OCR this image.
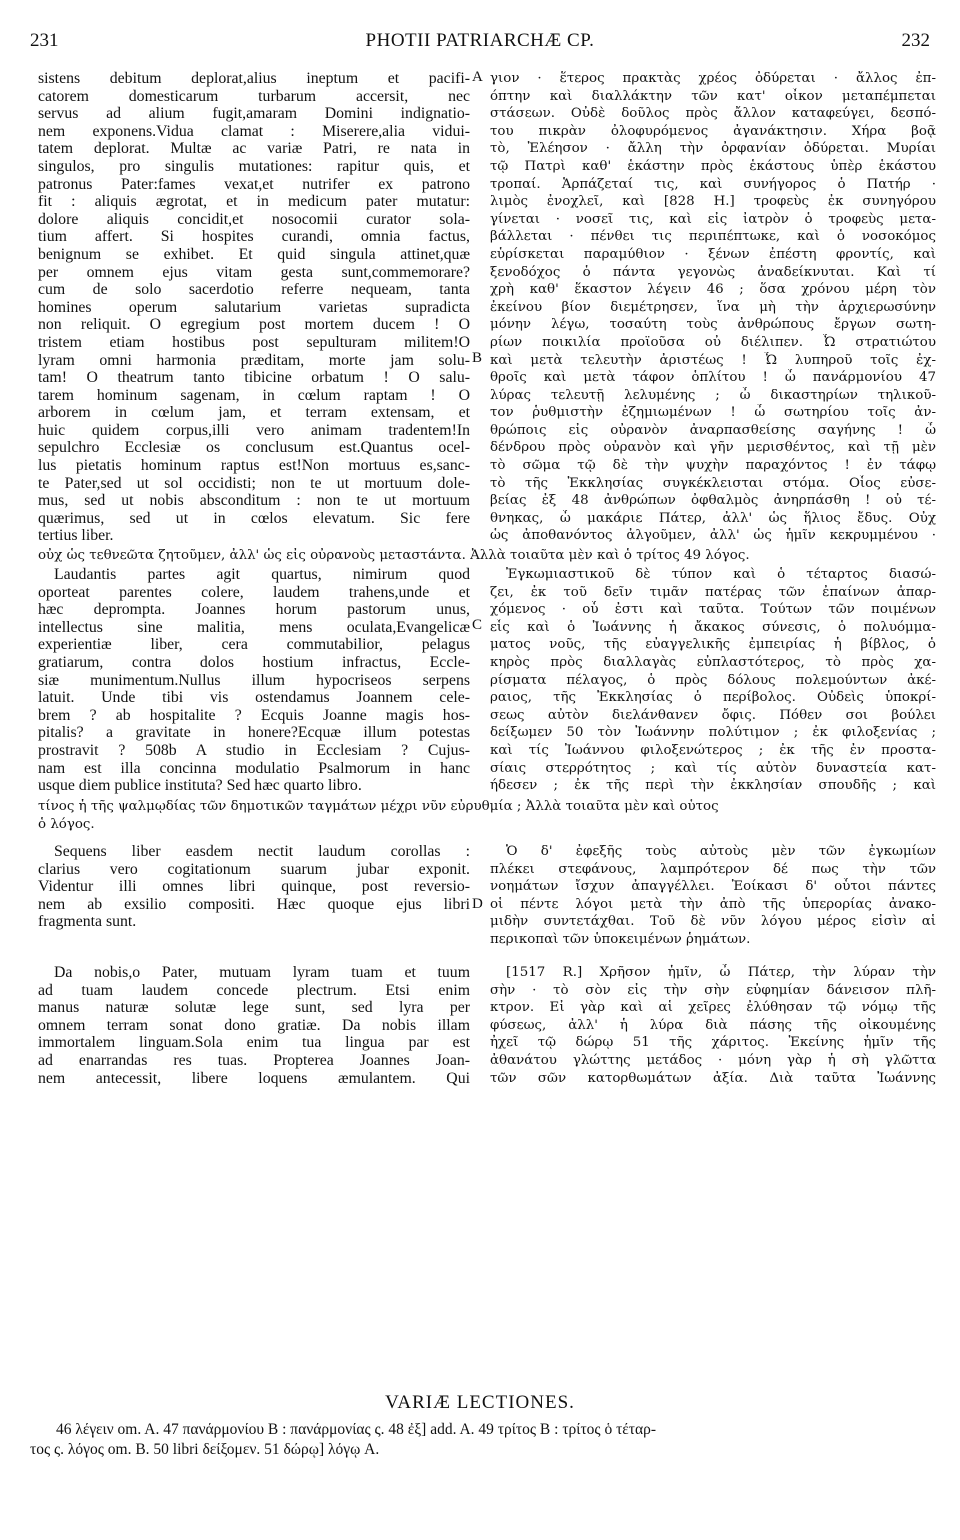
231	PHOTII PATRIARCHÆ CP.	232
sistens debitum deplorat,alius ineptum et pacifi-
catorem domesticarum turbarum accersit, nec
servus ad alium fugit,amaram Domini indignatio-
nem exponens.Vidua clamat : Miserere,alia vidui-
tatem deplorat. Multæ ac variæ Patri, re nata in
singulos, pro singulis mutationes: rapitur quis, et
patronus Pater:fames vexat,et nutrifer ex patrono
fit : aliquis ægrotat, et in medicum pater mutatur:
dolore aliquis concidit,et nosocomii curator sola-
tium affert. Si hospites curandi, omnia factus,
benignum se exhibet. Et quid singula attinet,quæ
per omnem ejus vitam gesta sunt,commemorare?
cum de solo sacerdotio referre nequeam, tanta
homines operum salutarium varietas supradicta
non reliquit. O egregium post mortem ducem ! O
tristem etiam hostibus post sepulturam militem!O
lyram omni harmonia præditam, morte jam solu-
tam! O theatrum tanto tibicine orbatum ! O salu-
tarem hominum sagenam, in cœlum raptam ! O
arborem in cœlum jam, et terram extensam, et
huic quidem corpus,illi vero animam tradentem!In
sepulchro Ecclesiæ os conclusum est.Quantus ocel-
lus pietatis hominum raptus est!Non mortuus es,sanc-
te Pater,sed ut sol occidisti; non te ut mortuum dole-
mus, sed ut nobis absconditum : non te ut mortuum
quærimus, sed ut in cœlos elevatum. Sic fere
tertius liber.
γιον · ἕτερος πρακτὰς χρέος ὀδύρεται · ἄλλος ἐπ-
όπτην καὶ διαλλάκτην τῶν κατ' οἶκον μεταπέμπεται
στάσεων. Οὐδὲ δοῦλος πρὸς ἄλλον καταφεύγει, δεσπό-
του πικρὰν ὀλοφυρόμενος ἀγανάκτησιν. Χήρα βοᾷ
τὸ, Ἐλέησον · ἄλλη τὴν ὀρφανίαν ὀδύρεται. Μυρίαι
τῷ Πατρὶ καθ' ἑκάστην πρὸς ἑκάστους ὑπὲρ ἑκάστου
τροπαί. Ἁρπάζεταί τις, καὶ συνήγορος ὁ Πατήρ ·
λιμὸς ἐνοχλεῖ, καὶ [828 H.] τροφεὺς ἐκ συνηγόρου
γίνεται · νοσεῖ τις, καὶ εἰς ἰατρὸν ὁ τροφεὺς μετα-
βάλλεται · πένθει τις περιπέπτωκε, καὶ ὁ νοσοκόμος
εὑρίσκεται παραμύθιον · ξένων ἐπέστη φροντίς, καὶ
ξενοδόχος ὁ πάντα γεγονὼς ἀναδείκνυται. Καὶ τί
χρὴ καθ' ἕκαστον λέγειν 46 ; ὅσα χρόνου μέρη τὸν
ἐκείνου βίον διεμέτρησεν, ἵνα μὴ τὴν ἀρχιερωσύνην
μόνην λέγω, τοσαύτη τοὺς ἀνθρώπους ἔργων σωτη-
ρίων ποικιλία προϊοῦσα οὐ διέλιπεν. Ὦ στρατιώτου
καὶ μετὰ τελευτὴν ἀριστέως ! Ὦ λυπηροῦ τοῖς ἐχ-
θροῖς καὶ μετὰ τάφον ὁπλίτου ! ὦ πανάρμονίου 47
λύρας τελευτῇ λελυμένης ; ὦ δικαστηρίων τηλικοῦ-
τον ῥυθμιστὴν ἐζημιωμένων ! ὦ σωτηρίου τοῖς ἀν-
θρώποις εἰς οὐρανὸν ἀναρπασθείσης σαγήνης ! ὦ
δένδρου πρὸς οὐρανὸν καὶ γῆν μερισθέντος, καὶ τῇ μὲν
τὸ σῶμα τῷ δὲ τὴν ψυχὴν παραχόντος ! ἐν τάφῳ
τὸ τῆς Ἐκκλησίας συγκέκλεισται στόμα. Οἷος εὐσε-
βείας ἐξ 48 ἀνθρώπων ὀφθαλμὸς ἀνηρπάσθη ! οὐ τέ-
θνηκας, ὦ μακάριε Πάτερ, ἀλλ' ὡς ἥλιος ἔδυς. Οὐχ
ὡς ἀποθανόντος ἀλγοῦμεν, ἀλλ' ὡς ἡμῖν κεκρυμμένου ·
οὐχ ὡς τεθνεῶτα ζητοῦμεν, ἀλλ' ὡς εἰς οὐρανοὺς μεταστάντα. Ἀλλὰ τοιαῦτα μὲν καὶ ὁ τρίτος 49 λόγος.
Laudantis partes agit quartus, nimirum quod
oporteat parentes colere, laudem trahens,unde et
hæc deprompta. Joannes horum pastorum unus,
intellectus sine malitia, mens oculata,Evangelicæ
experientiæ liber, cera commutabilior, pelagus
gratiarum, contra dolos hostium infractus, Eccle-
siæ munimentum.Nullus illum hypocriseos serpens
latuit. Unde tibi vis ostendamus Joannem cele-
brem ? ab hospitalite ? Ecquis Joanne magis hos-
pitalis? a gravitate in honere?Ecquæ illum potestas
prostravit ? 508b A studio in Ecclesiam ? Cujus-
nam est illa concinna modulatio Psalmorum in hanc
usque diem publice instituta? Sed hæc quarto libro.
Ἐγκωμιαστικοῦ δὲ τύπον καὶ ὁ τέταρτος διασώ-
ζει, ἐκ τοῦ δεῖν τιμᾶν πατέρας τῶν ἐπαίνων ἀπαρ-
χόμενος · οὗ ἐστι καὶ ταῦτα. Τούτων τῶν ποιμένων
εἷς καὶ ὁ Ἰωάννης ἡ ἄκακος σύνεσις, ὁ πολυόμμα-
ματος νοῦς, τῆς εὐαγγελικῆς ἐμπειρίας ἡ βίβλος, ὁ
κηρὸς πρὸς διαλλαγὰς εὐπλαστότερος, τὸ πρὸς χα-
ρίσματα πέλαγος, ὁ πρὸς δόλους πολεμούντων ἀκέ-
ραιος, τῆς Ἐκκλησίας ὁ περίβολος. Οὐδεὶς ὑποκρί-
σεως αὐτὸν διελάνθανεν ὄφις. Πόθεν σοι βούλει
δείξωμεν 50 τὸν Ἰωάννην πολύτιμον ; ἐκ φιλοξενίας ;
καὶ τίς Ἰωάννου φιλοξενώτερος ; ἐκ τῆς ἐν προστα-
σίαις στερρότητος ; καὶ τίς αὐτὸν δυναστεία κατ-
ήδεσεν ; ἐκ τῆς περὶ τὴν ἐκκλησίαν σπουδῆς ; καὶ
τίνος ἡ τῆς ψαλμῳδίας τῶν δημοτικῶν ταγμάτων μέχρι νῦν εὐρυθμία ; Ἀλλὰ τοιαῦτα μὲν καὶ οὗτος
ὁ λόγος.
Sequens liber easdem nectit laudum corollas :
clarius vero cogitationum suarum jubar exponit.
Videntur illi omnes libri quinque, post reversio-
nem ab exsilio compositi. Hæc quoque ejus libri
fragmenta sunt.
Ὁ δ' ἐφεξῆς τοὺς αὐτοὺς μὲν τῶν ἐγκωμίων
πλέκει στεφάνους, λαμπρότερον δέ πως τὴν τῶν
νοημάτων ἴσχυν ἀπαγγέλλει. Ἐοίκασι δ' οὗτοι πάντες
οἱ πέντε λόγοι μετὰ τὴν ἀπὸ τῆς ὑπερορίας ἀνακο-
μιδὴν συντετάχθαι. Τοῦ δὲ νῦν λόγου μέρος εἰσὶν αἱ
περικοπαὶ τῶν ὑποκειμένων ῥημάτων.
Da nobis,o Pater, mutuam lyram tuam et tuum
ad tuam laudem concede plectrum. Etsi enim
manus naturæ solutæ lege sunt, sed lyra per
omnem terram sonat dono gratiæ. Da nobis illam
immortalem linguam.Sola enim tua lingua par est
ad enarrandas res tuas. Propterea Joannes Joan-
nem antecessit, libere loquens æmulantem. Qui
[1517 R.] Χρῆσον ἡμῖν, ὦ Πάτερ, τὴν λύραν τὴν
σὴν · τὸ σὸν εἰς τὴν σὴν εὐφημίαν δάνεισον πλῆ-
κτρον. Εἰ γὰρ καὶ αἱ χεῖρες ἐλύθησαν τῷ νόμῳ τῆς
φύσεως, ἀλλ' ἡ λύρα διὰ πάσης τῆς οἰκουμένης
ἠχεῖ τῷ δώρῳ 51 τῆς χάριτος. Ἐκείνης ἡμῖν τῆς
ἀθανάτου γλώττης μετάδος · μόνη γὰρ ἡ σὴ γλῶττα
τῶν σῶν κατορθωμάτων ἀξία. Διὰ ταῦτα Ἰωάννης
A
B
C
D
VARIÆ LECTIONES.
46 λέγειν om. A. 47 πανάρμονίου B : πανάρμονίας ς. 48 ἐξ] add. A. 49 τρίτος B : τρίτος ὁ τέταρ-
τος ς. λόγος om. B. 50 libri δείξομεν. 51 δώρῳ] λόγῳ A.
